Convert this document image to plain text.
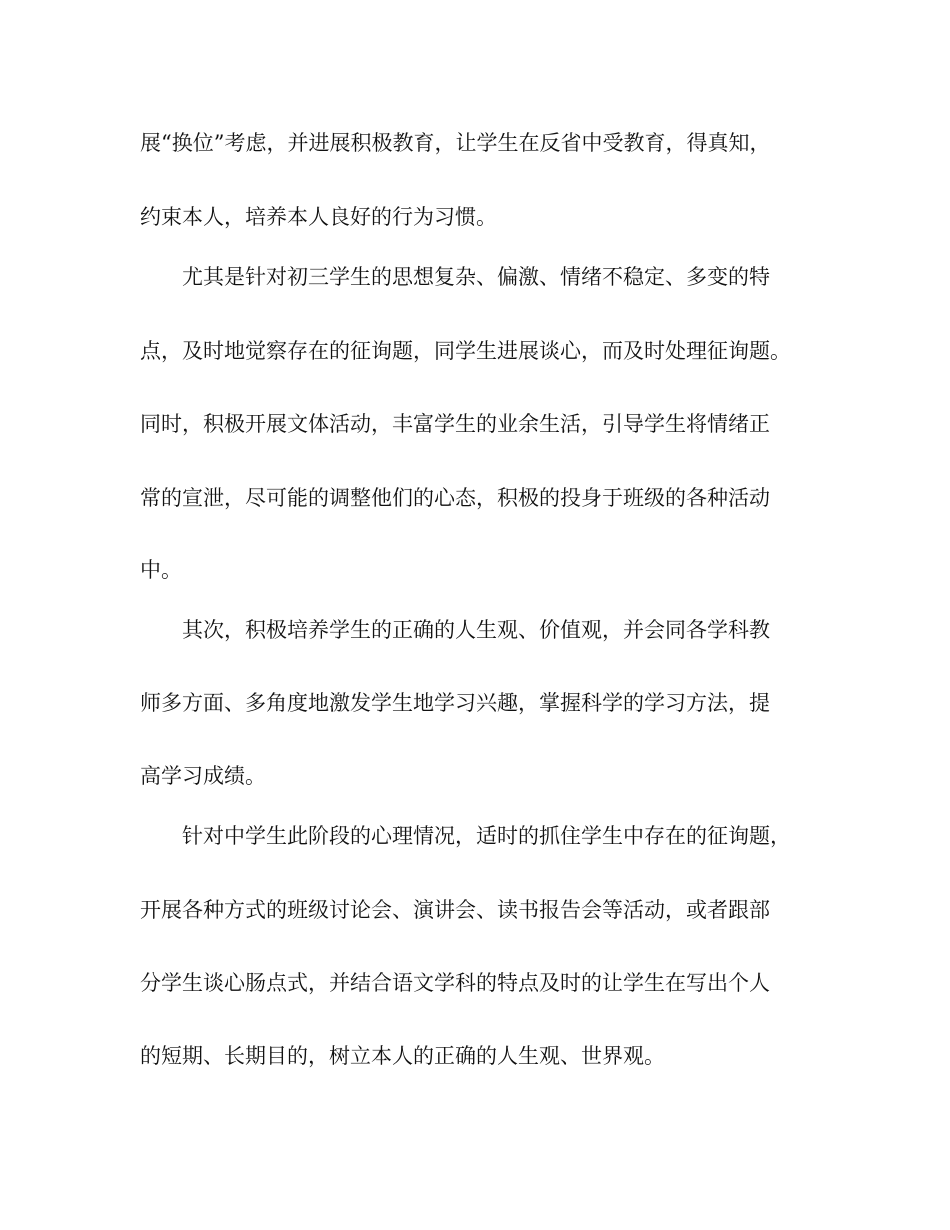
展“换位”考虑，并进展积极教育，让学生在反省中受教育，得真知，
约束本人，培养本人良好的行为习惯。
尤其是针对初三学生的思想复杂、偏激、情绪不稳定、多变的特
点，及时地觉察存在的征询题，同学生进展谈心，而及时处理征询题。
同时，积极开展文体活动，丰富学生的业余生活，引导学生将情绪正
常的宣泄，尽可能的调整他们的心态，积极的投身于班级的各种活动
中。
其次，积极培养学生的正确的人生观、价值观，并会同各学科教
师多方面、多角度地激发学生地学习兴趣，掌握科学的学习方法，提
高学习成绩。
针对中学生此阶段的心理情况，适时的抓住学生中存在的征询题，
开展各种方式的班级讨论会、演讲会、读书报告会等活动，或者跟部
分学生谈心肠点式，并结合语文学科的特点及时的让学生在写出个人
的短期、长期目的，树立本人的正确的人生观、世界观。
